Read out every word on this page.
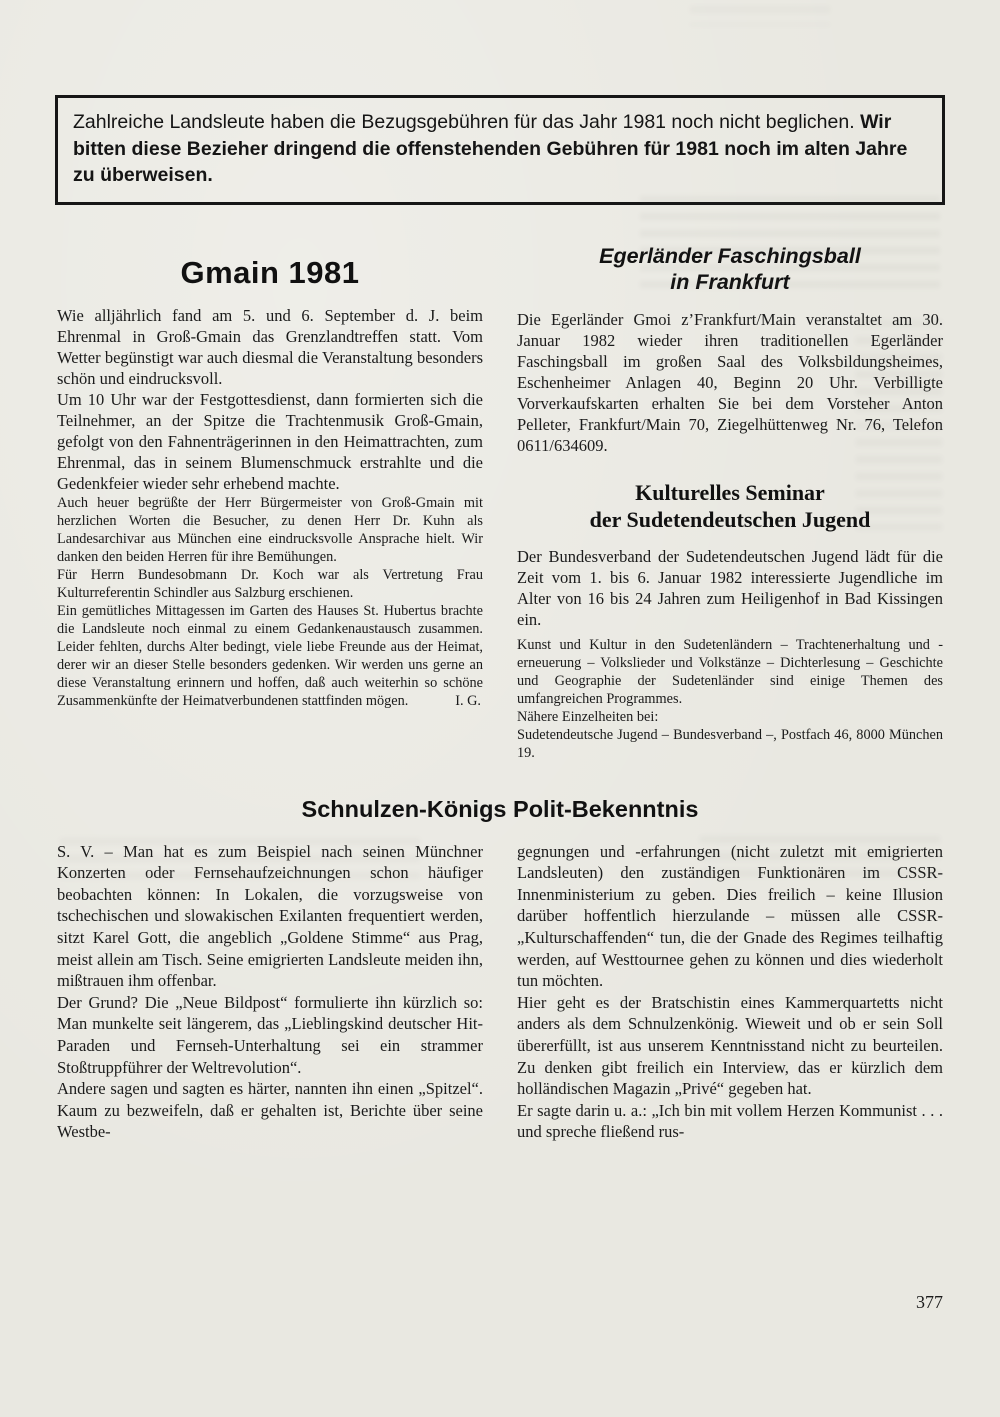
Zahlreiche Landsleute haben die Bezugsgebühren für das Jahr 1981 noch nicht beglichen. Wir bitten diese Bezieher dringend die offenstehenden Gebühren für 1981 noch im alten Jahre zu überweisen.
Gmain 1981

Wie alljährlich fand am 5. und 6. September d. J. beim Ehrenmal in Groß-Gmain das Grenzlandtreffen statt. Vom Wetter begünstigt war auch diesmal die Veranstaltung besonders schön und eindrucksvoll.

Um 10 Uhr war der Festgottesdienst, dann formierten sich die Teilnehmer, an der Spitze die Trachtenmusik Groß-Gmain, gefolgt von den Fahnenträgerinnen in den Heimattrachten, zum Ehrenmal, das in seinem Blumenschmuck erstrahlte und die Gedenkfeier wieder sehr erhebend machte.

Auch heuer begrüßte der Herr Bürgermeister von Groß-Gmain mit herzlichen Worten die Besucher, zu denen Herr Dr. Kuhn als Landesarchivar aus München eine eindrucksvolle Ansprache hielt. Wir danken den beiden Herren für ihre Bemühungen.

Für Herrn Bundesobmann Dr. Koch war als Vertretung Frau Kulturreferentin Schindler aus Salzburg erschienen.

Ein gemütliches Mittagessen im Garten des Hauses St. Hubertus brachte die Landsleute noch einmal zu einem Gedankenaustausch zusammen. Leider fehlten, durchs Alter bedingt, viele liebe Freunde aus der Heimat, derer wir an dieser Stelle besonders gedenken. Wir werden uns gerne an diese Veranstaltung erinnern und hoffen, daß auch weiterhin so schöne Zusammenkünfte der Heimatverbundenen stattfinden mögen.	I. G.
Egerländer Faschingsball
in Frankfurt

Die Egerländer Gmoi z’Frankfurt/Main veranstaltet am 30. Januar 1982 wieder ihren traditionellen Egerländer Faschingsball im großen Saal des Volksbildungsheimes, Eschenheimer Anlagen 40, Beginn 20 Uhr. Verbilligte Vorverkaufskarten erhalten Sie bei dem Vorsteher Anton Pelleter, Frankfurt/Main 70, Ziegelhüttenweg Nr. 76, Telefon 0611/634609.

Kulturelles Seminar
der Sudetendeutschen Jugend

Der Bundesverband der Sudetendeutschen Jugend lädt für die Zeit vom 1. bis 6. Januar 1982 interessierte Jugendliche im Alter von 16 bis 24 Jahren zum Heiligenhof in Bad Kissingen ein.

Kunst und Kultur in den Sudetenländern – Trachtenerhaltung und -erneuerung – Volkslieder und Volkstänze – Dichterlesung – Geschichte und Geographie der Sudetenländer sind einige Themen des umfangreichen Programmes.

Nähere Einzelheiten bei:

Sudetendeutsche Jugend – Bundesverband –, Postfach 46, 8000 München 19.

Schnulzen-Königs Polit-Bekenntnis

S. V. – Man hat es zum Beispiel nach seinen Münchner Konzerten oder Fernsehaufzeichnungen schon häufiger beobachten können: In Lokalen, die vorzugsweise von tschechischen und slowakischen Exilanten frequentiert werden, sitzt Karel Gott, die angeblich „Goldene Stimme“ aus Prag, meist allein am Tisch. Seine emigrierten Landsleute meiden ihn, mißtrauen ihm offenbar.

Der Grund? Die „Neue Bildpost“ formulierte ihn kürzlich so: Man munkelte seit längerem, das „Lieblingskind deutscher Hit-Paraden und Fernseh-Unterhaltung sei ein strammer Stoßtruppführer der Weltrevolution“.

Andere sagen und sagten es härter, nannten ihn einen „Spitzel“. Kaum zu bezweifeln, daß er gehalten ist, Berichte über seine Westbe-

gegnungen und -erfahrungen (nicht zuletzt mit emigrierten Landsleuten) den zuständigen Funktionären im CSSR-Innenministerium zu geben. Dies freilich – keine Illusion darüber hoffentlich hierzulande – müssen alle CSSR-„Kulturschaffenden“ tun, die der Gnade des Regimes teilhaftig werden, auf Westtournee gehen zu können und dies wiederholt tun möchten.

Hier geht es der Bratschistin eines Kammerquartetts nicht anders als dem Schnulzenkönig. Wieweit und ob er sein Soll übererfüllt, ist aus unserem Kenntnisstand nicht zu beurteilen. Zu denken gibt freilich ein Interview, das er kürzlich dem holländischen Magazin „Privé“ gegeben hat.

Er sagte darin u. a.: „Ich bin mit vollem Herzen Kommunist . . . und spreche fließend rus-

377
